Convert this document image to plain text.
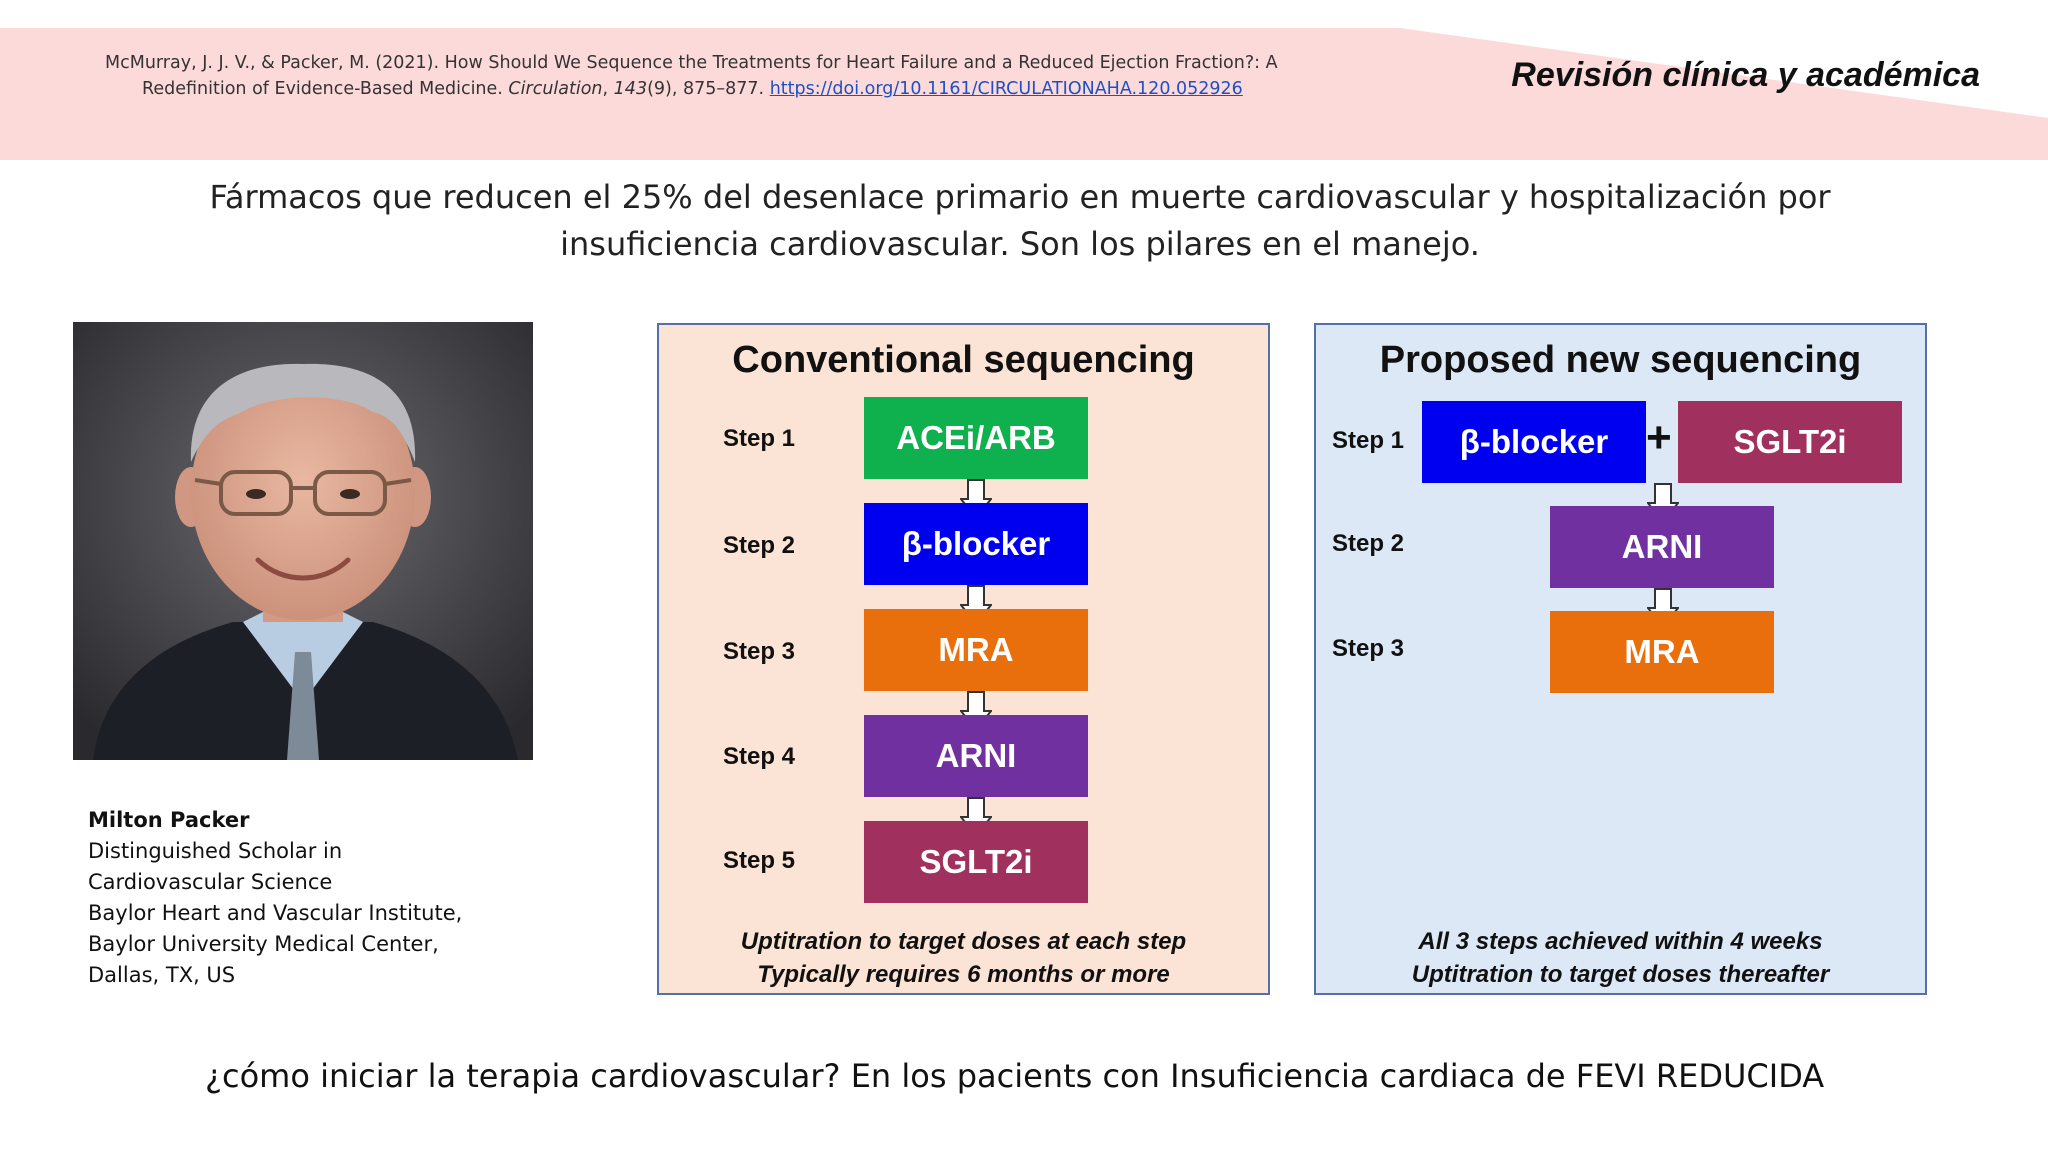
McMurray, J. J. V., & Packer, M. (2021). How Should We Sequence the Treatments for Heart Failure and a Reduced Ejection Fraction?: A
Redefinition of Evidence-Based Medicine. Circulation, 143(9), 875–877. https://doi.org/10.1161/CIRCULATIONAHA.120.052926	Revisión clínica y académica
Fármacos que reducen el 25% del desenlace primario en muerte cardiovascular y hospitalización por insuficiencia cardiovascular. Son los pilares en el manejo.
Milton Packer
Distinguished Scholar in
Cardiovascular Science
Baylor Heart and Vascular Institute,
Baylor University Medical Center,
Dallas, TX, US
Conventional sequencing
Step 1	ACEi/ARB
Step 2	β-blocker
Step 3	MRA
Step 4	ARNI
Step 5	SGLT2i
Uptitration to target doses at each step
Typically requires 6 months or more
Proposed new sequencing
Step 1	β-blocker +	SGLT2i
Step 2	ARNI
Step 3	MRA
All 3 steps achieved within 4 weeks
Uptitration to target doses thereafter
¿cómo iniciar la terapia cardiovascular? En los pacients con Insuficiencia cardiaca de FEVI REDUCIDA
